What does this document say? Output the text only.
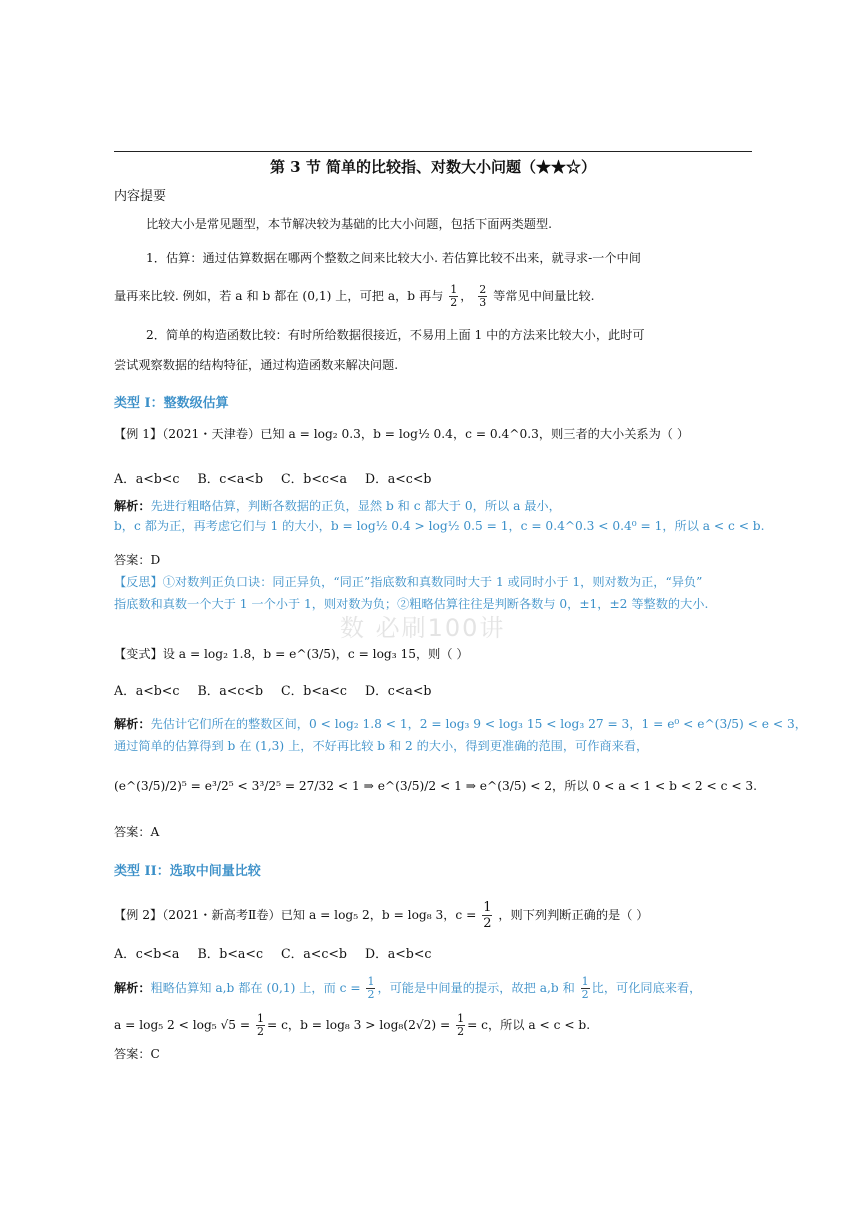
第 3 节 简单的比较指、对数大小问题（★★☆）
内容提要
比较大小是常见题型，本节解决较为基础的比大小问题，包括下面两类题型.
1．估算：通过估算数据在哪两个整数之间来比较大小. 若估算比较不出来，就寻求-一个中间
量再来比较. 例如，若 a 和 b 都在 (0,1) 上，可把 a，b 再与 $\frac{1}{2}$ ， $\frac{2}{3}$ 等常见中间量比较.
2．简单的构造函数比较：有时所给数据很接近，不易用上面 1 中的方法来比较大小，此时可
尝试观察数据的结构特征，通过构造函数来解决问题.
类型 I：整数级估算
【例 1】（2021・天津卷）已知 a = log₂ 0.3，b = log½ 0.4，c = 0.4^0.3，则三者的大小关系为（ ）
A．a<b<c B．c<a<b C．b<c<a D．a<c<b
解析：先进行粗略估算，判断各数据的正负，显然 b 和 c 都大于 0，所以 a 最小，
b，c 都为正，再考虑它们与 1 的大小，b = log½ 0.4 > log½ 0.5 = 1，c = 0.4^0.3 < 0.4⁰ = 1，所以 a < c < b.
答案：D
【反思】①对数判正负口诀：同正异负，“同正”指底数和真数同时大于 1 或同时小于 1，则对数为正，“异负”
指底数和真数一个大于 1 一个小于 1，则对数为负；②粗略估算往往是判断各数与 0，±1，±2 等整数的大小.
数 必刷100讲
【变式】设 a = log₂ 1.8，b = e^(3/5)，c = log₃ 15，则（ ）
A．a<b<c B．a<c<b C．b<a<c D．c<a<b
解析：先估计它们所在的整数区间，0 < log₂ 1.8 < 1，2 = log₃ 9 < log₃ 15 < log₃ 27 = 3，1 = e⁰ < e^(3/5) < e < 3，
通过简单的估算得到 b 在 (1,3) 上，不好再比较 b 和 2 的大小，得到更准确的范围，可作商来看，
(e^(3/5)/2)⁵ = e³/2⁵ < 3³/2⁵ = 27/32 < 1 ⇒ e^(3/5)/2 < 1 ⇒ e^(3/5) < 2，所以 0 < a < 1 < b < 2 < c < 3.
答案：A
类型 II：选取中间量比较
【例 2】（2021・新高考Ⅱ卷）已知 a = log₅ 2，b = log₈ 3，$c = \frac{1}{2}$ ，则下列判断正确的是（ ）
A．c<b<a B．b<a<c C．a<c<b D．a<b<c
解析：粗略估算知 a,b 都在 (0,1) 上，而 $c = \frac{1}{2}$ ，可能是中间量的提示，故把 a,b 和 $\frac{1}{2}$ 比，可化同底来看，
a = log₅ 2 < log₅ $√5 = \frac{1}{2} = c$，b = log₈ $3 > \log_8(2√2) = \frac{1}{2} = c$，所以 a < c < b.
答案：C
